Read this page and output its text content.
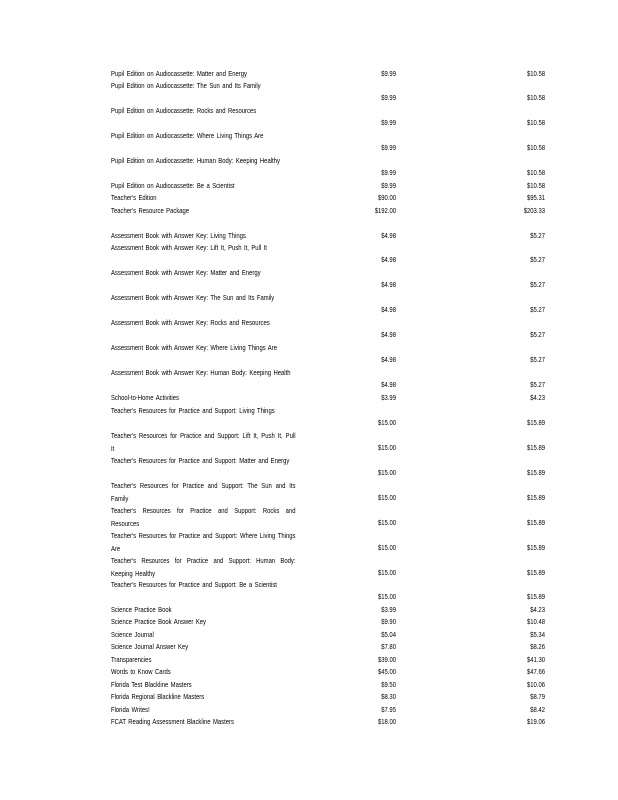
Pupil Edition on Audiocassette: Matter and Energy	$9.99	$10.58
Pupil Edition on Audiocassette: The Sun and Its Family
$9.99	$10.58
Pupil Edition on Audiocassette: Rocks and Resources
$9.99	$10.58
Pupil Edition on Audiocassette: Where Living Things Are
$9.99	$10.58
Pupil Edition on Audiocassette: Human Body: Keeping Healthy
$9.99	$10.58
Pupil Edition on Audiocassette: Be a Scientist	$9.99	$10.58
Teacher's Edition	$90.00	$95.31
Teacher's Resource Package	$192.00	$203.33
Assessment Book with Answer Key: Living Things	$4.98	$5.27
Assessment Book with Answer Key: Lift It, Push It, Pull It
$4.98	$5.27
Assessment Book with Answer Key: Matter and Energy
$4.98	$5.27
Assessment Book with Answer Key: The Sun and Its Family
$4.98	$5.27
Assessment Book with Answer Key: Rocks and Resources
$4.98	$5.27
Assessment Book with Answer Key: Where Living Things Are
$4.98	$5.27
Assessment Book with Answer Key: Human Body: Keeping Health
$4.98	$5.27
School-to-Home Activities	$3.99	$4.23
Teacher's Resources for Practice and Support: Living Things
$15.00	$15.89
Teacher's Resources for Practice and Support: Lift It, Push It, Pull It	$15.00	$15.89
Teacher's Resources for Practice and Support: Matter and Energy
$15.00	$15.89
Teacher's Resources for Practice and Support: The Sun and Its Family	$15.00	$15.89
Teacher's Resources for Practice and Support: Rocks and Resources	$15.00	$15.89
Teacher's Resources for Practice and Support: Where Living Things Are	$15.00	$15.89
Teacher's Resources for Practice and Support: Human Body: Keeping Healthy	$15.00	$15.89
Teacher's Resources for Practice and Support: Be a Scientist
$15.00	$15.89
Science Practice Book	$3.99	$4.23
Science Practice Book Answer Key	$9.90	$10.48
Science Journal	$5.04	$5.34
Science Journal Answer Key	$7.80	$8.26
Transparencies	$39.00	$41.30
Words to Know Cards	$45.00	$47.66
Florida Test Blackline Masters	$9.50	$10.06
Florida Regional Blackline Masters	$8.30	$8.79
Florida Writes!	$7.95	$8.42
FCAT Reading Assessment Blackline Masters	$18.00	$19.06
